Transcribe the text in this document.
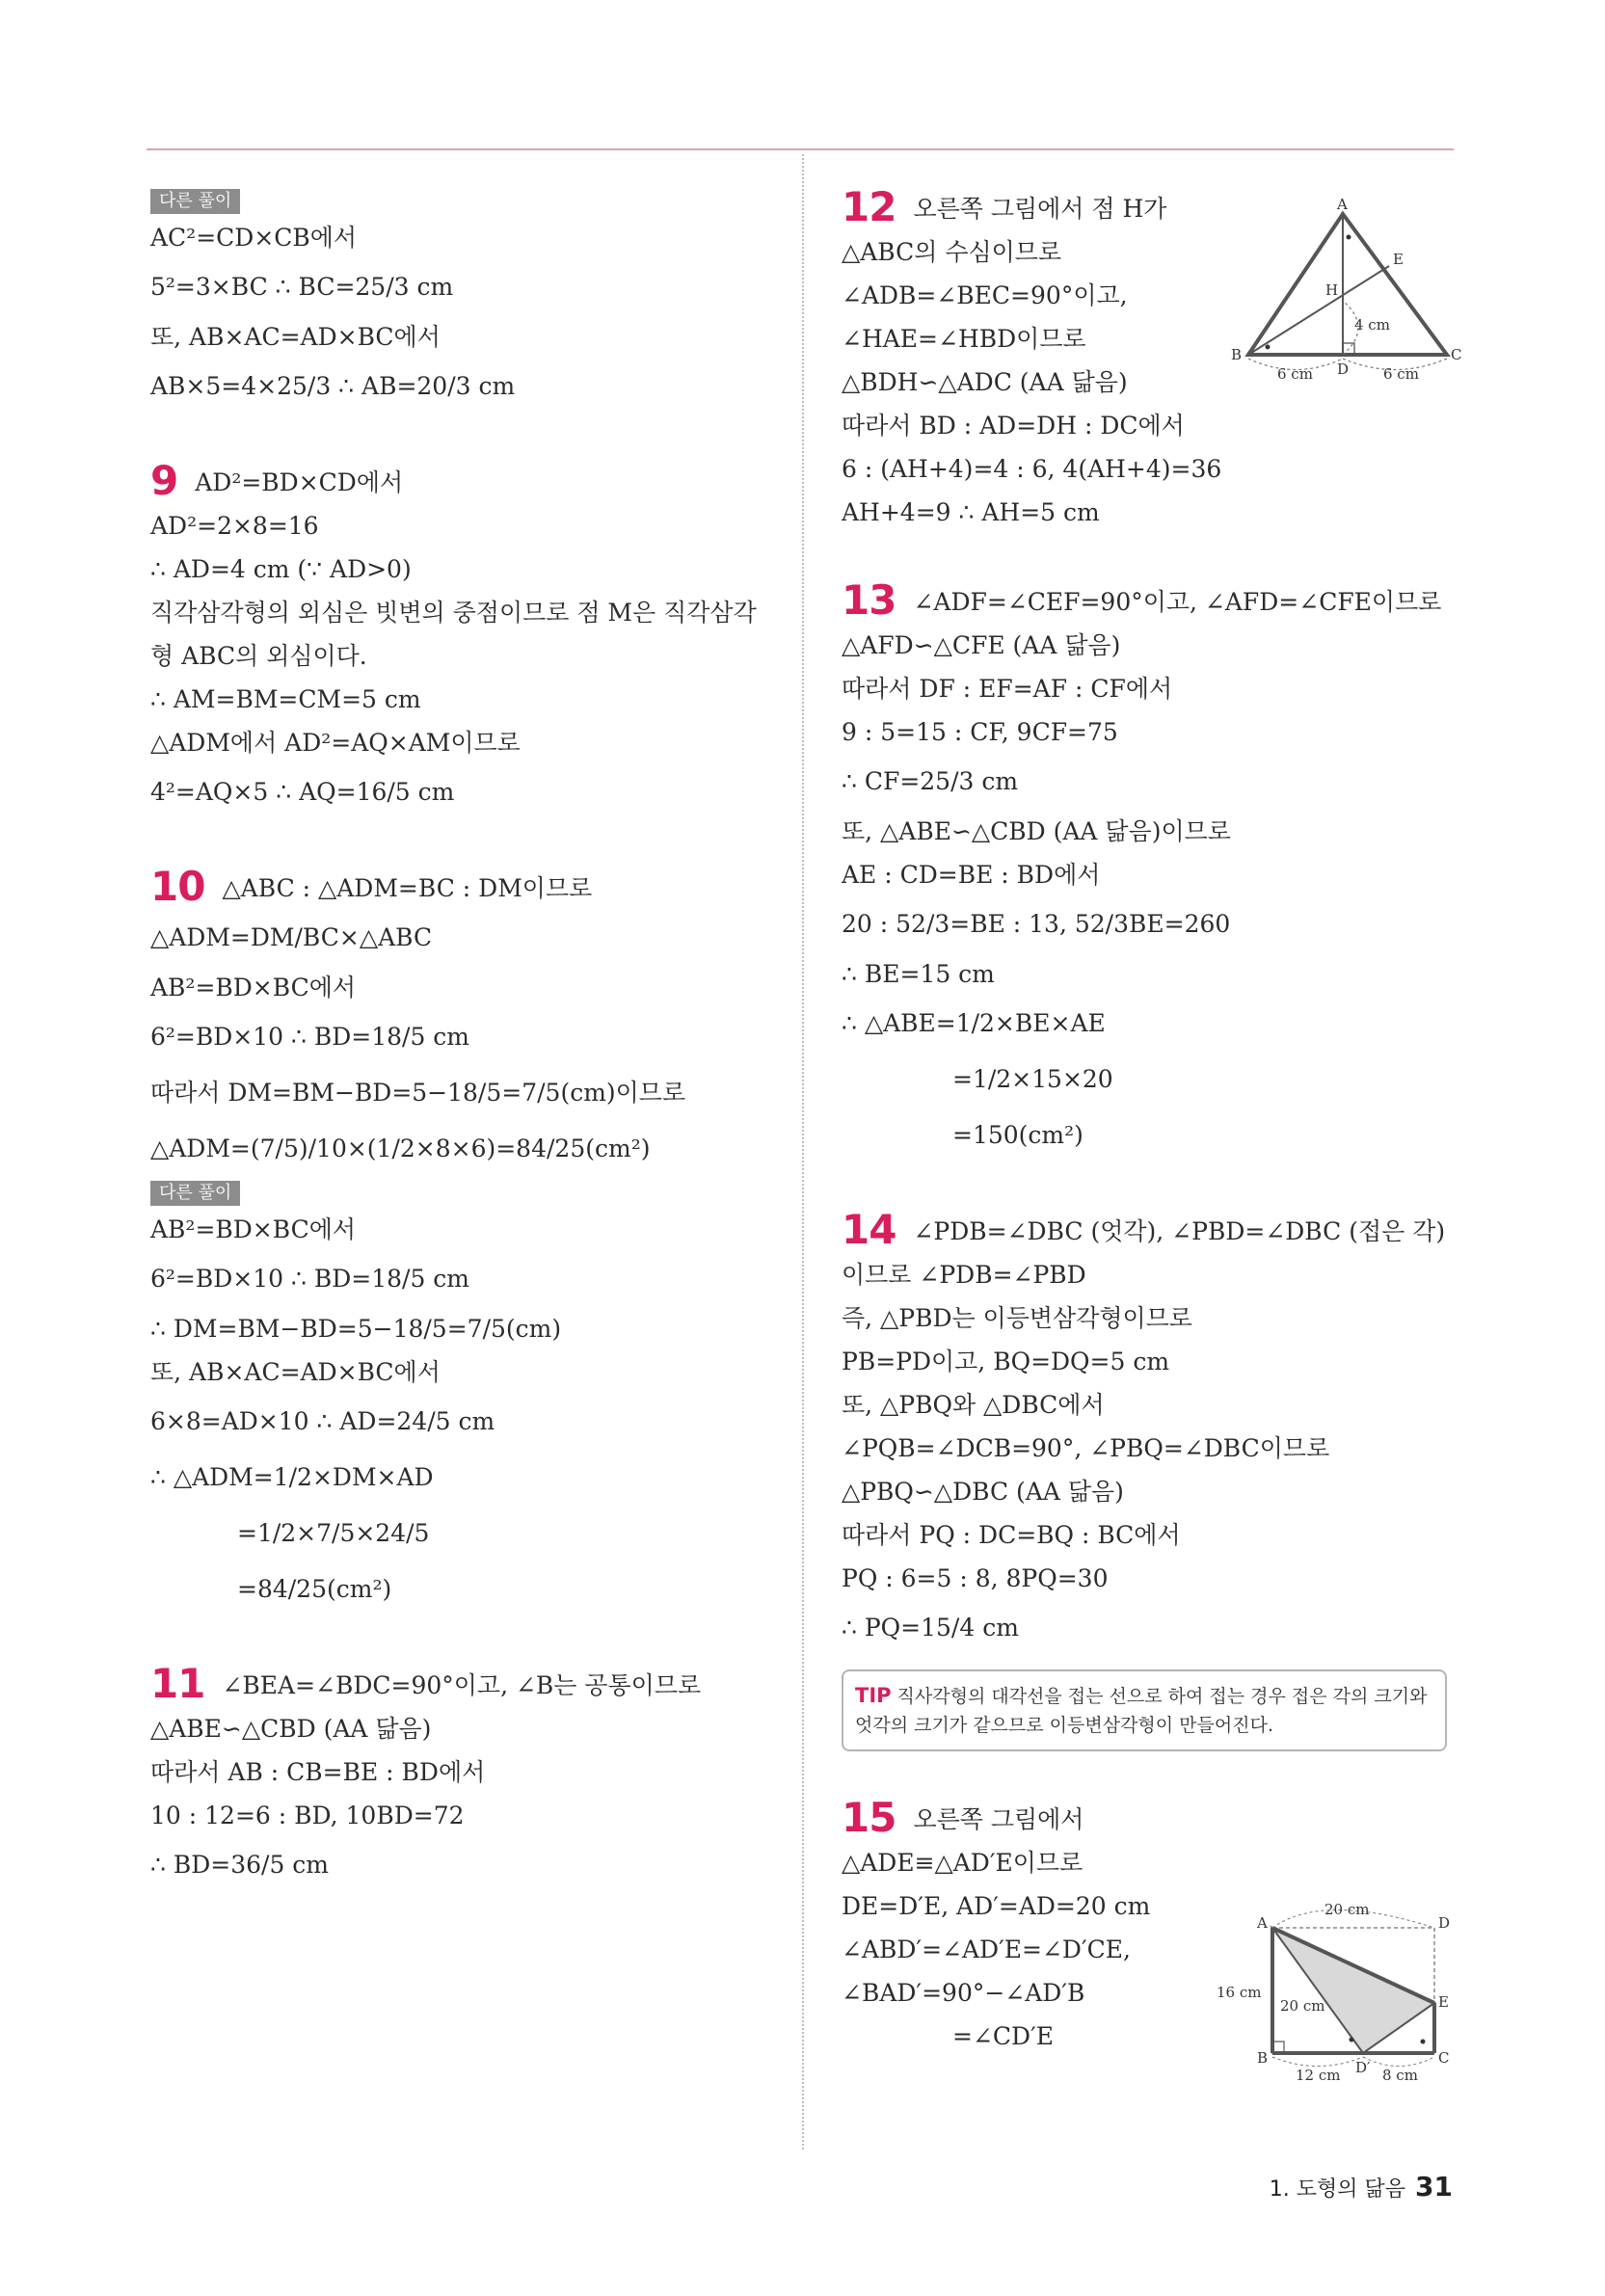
다른 풀이
AC²=CD×CB에서
5²=3×BC ∴ BC=25/3 cm
또, AB×AC=AD×BC에서
AB×5=4×25/3 ∴ AB=20/3 cm
9 AD²=BD×CD에서
AD²=2×8=16
∴ AD=4 cm (∵ AD>0)
직각삼각형의 외심은 빗변의 중점이므로 점 M은 직각삼각
형 ABC의 외심이다.
∴ AM=BM=CM=5 cm
△ADM에서 AD²=AQ×AM이므로
4²=AQ×5 ∴ AQ=16/5 cm
10 △ABC : △ADM=BC : DM이므로
△ADM=DM/BC×△ABC
AB²=BD×BC에서
6²=BD×10 ∴ BD=18/5 cm
따라서 DM=BM−BD=5−18/5=7/5(cm)이므로
△ADM=(7/5)/10×(1/2×8×6)=84/25(cm²)
다른 풀이
AB²=BD×BC에서
6²=BD×10 ∴ BD=18/5 cm
∴ DM=BM−BD=5−18/5=7/5(cm)
또, AB×AC=AD×BC에서
6×8=AD×10 ∴ AD=24/5 cm
∴ △ADM=1/2×DM×AD
=1/2×7/5×24/5
=84/25(cm²)
11 ∠BEA=∠BDC=90°이고, ∠B는 공통이므로
△ABE∽△CBD (AA 닮음)
따라서 AB : CB=BE : BD에서
10 : 12=6 : BD, 10BD=72
∴ BD=36/5 cm
12 오른쪽 그림에서 점 H가
△ABC의 수심이므로
∠ADB=∠BEC=90°이고,
∠HAE=∠HBD이므로
△BDH∽△ADC (AA 닮음)
따라서 BD : AD=DH : DC에서
6 : (AH+4)=4 : 6, 4(AH+4)=36
AH+4=9 ∴ AH=5 cm
13 ∠ADF=∠CEF=90°이고, ∠AFD=∠CFE이므로
△AFD∽△CFE (AA 닮음)
따라서 DF : EF=AF : CF에서
9 : 5=15 : CF, 9CF=75
∴ CF=25/3 cm
또, △ABE∽△CBD (AA 닮음)이므로
AE : CD=BE : BD에서
20 : 52/3=BE : 13, 52/3BE=260
∴ BE=15 cm
∴ △ABE=1/2×BE×AE
=1/2×15×20
=150(cm²)
14 ∠PDB=∠DBC (엇각), ∠PBD=∠DBC (접은 각)
이므로 ∠PDB=∠PBD
즉, △PBD는 이등변삼각형이므로
PB=PD이고, BQ=DQ=5 cm
또, △PBQ와 △DBC에서
∠PQB=∠DCB=90°, ∠PBQ=∠DBC이므로
△PBQ∽△DBC (AA 닮음)
따라서 PQ : DC=BQ : BC에서
PQ : 6=5 : 8, 8PQ=30
∴ PQ=15/4 cm
TIP 직사각형의 대각선을 접는 선으로 하여 접는 경우 접은 각의 크기와 엇각의 크기가 같으므로 이등변삼각형이 만들어진다.
15 오른쪽 그림에서
△ADE≡△AD′E이므로
DE=D′E, AD′=AD=20 cm
∠ABD′=∠AD′E=∠D′CE,
∠BAD′=90°−∠AD′B
=∠CD′E
A
B	C
D
E
H
4 cm
6 cm	6 cm
A	D
B	C
E
D′
20 cm
16 cm
20 cm
12 cm	8 cm
1. 도형의 닮음 31
